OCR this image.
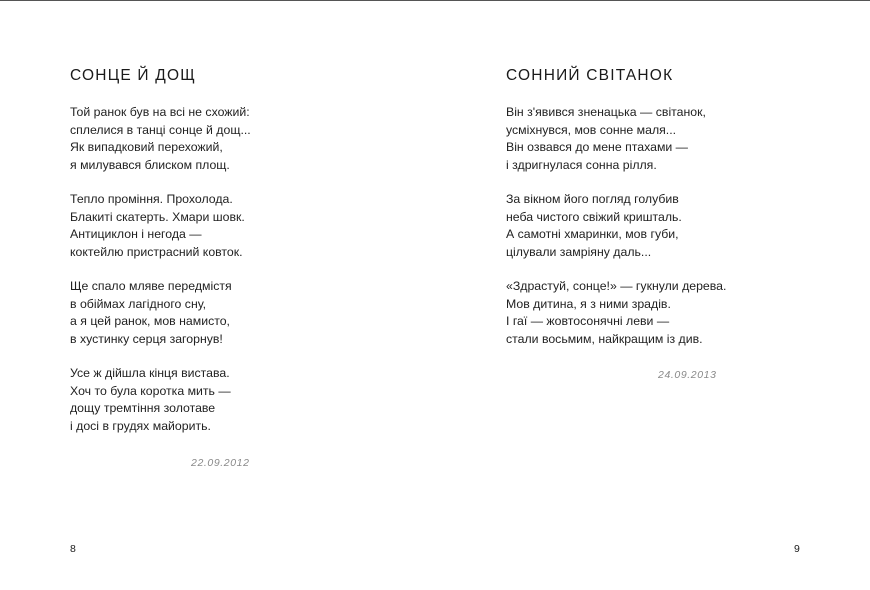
СОНЦЕ Й ДОЩ

Той ранок був на всі не схожий:
сплелися в танці сонце й дощ...
Як випадковий перехожий,
я милувався блиском площ.

Тепло проміння. Прохолода.
Блакиті скатерть. Хмари шовк.
Антициклон і негода —
коктейлю пристрасний ковток.

Ще спало мляве передмістя
в обіймах лагідного сну,
а я цей ранок, мов намисто,
в хустинку серця загорнув!

Усе ж дійшла кінця вистава.
Хоч то була коротка мить —
дощу тремтіння золотаве
і досі в грудях майорить.

22.09.2012
8
СОННИЙ СВІТАНОК

Він з'явився зненацька — світанок,
усміхнувся, мов сонне маля...
Він озвався до мене птахами —
і здригнулася сонна рілля.

За вікном його погляд голубив
неба чистого свіжий кришталь.
А самотні хмаринки, мов губи,
цілували замріяну даль...

«Здрастуй, сонце!» — гукнули дерева.
Мов дитина, я з ними зрадів.
І гаї — жовтосонячні леви —
стали восьмим, найкращим із див.

24.09.2013
9
